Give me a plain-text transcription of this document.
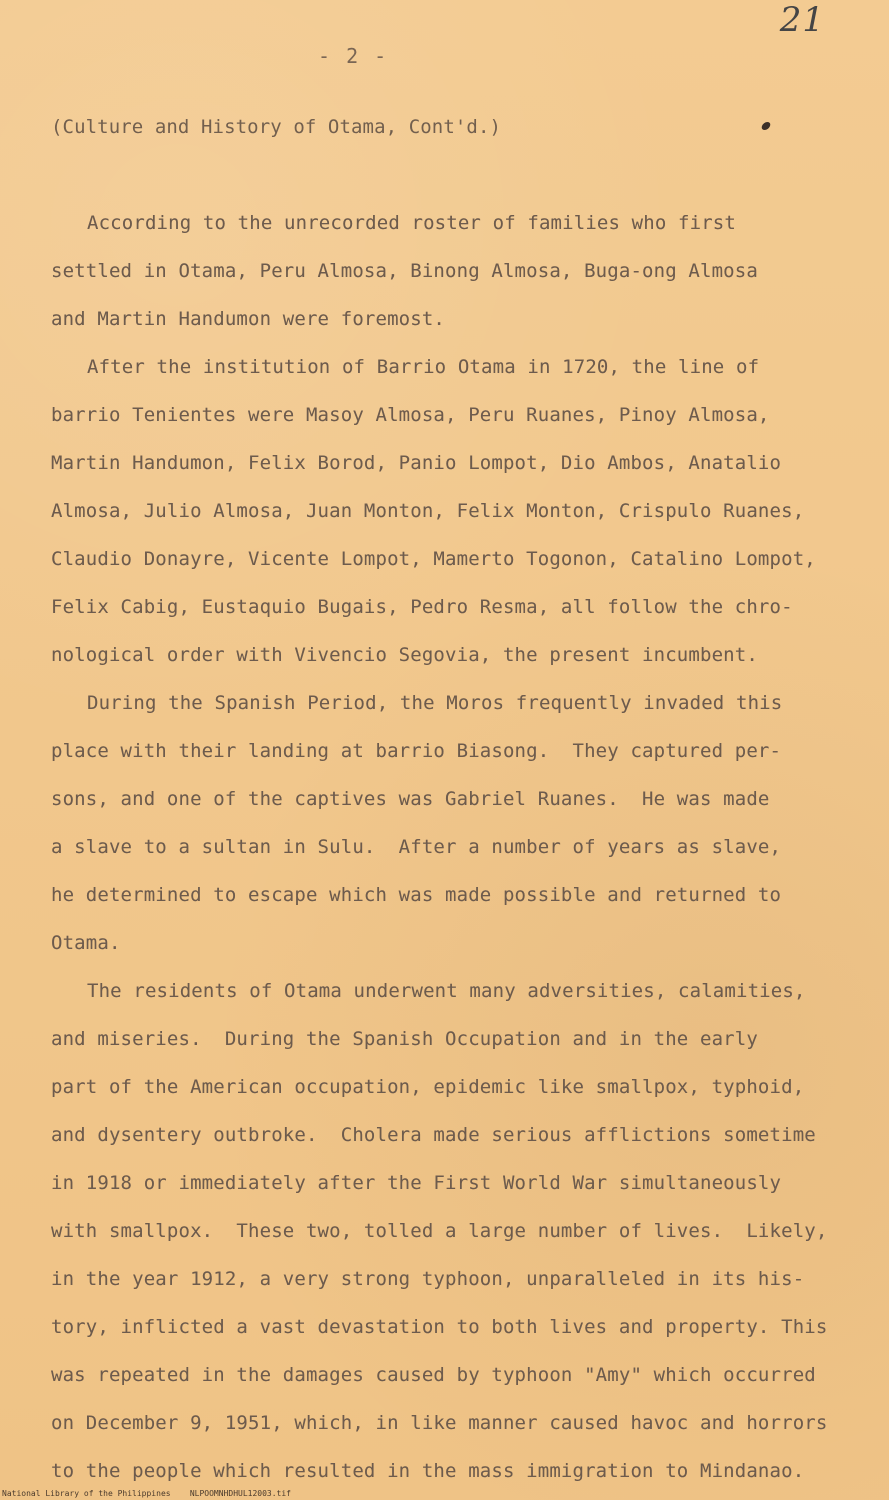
21
- 2 -
(Culture and History of Otama, Cont'd.)
According to the unrecorded roster of families who first
settled in Otama, Peru Almosa, Binong Almosa, Buga-ong Almosa
and Martin Handumon were foremost.
After the institution of Barrio Otama in 1720, the line of
barrio Tenientes were Masoy Almosa, Peru Ruanes, Pinoy Almosa,
Martin Handumon, Felix Borod, Panio Lompot, Dio Ambos, Anatalio
Almosa, Julio Almosa, Juan Monton, Felix Monton, Crispulo Ruanes,
Claudio Donayre, Vicente Lompot, Mamerto Togonon, Catalino Lompot,
Felix Cabig, Eustaquio Bugais, Pedro Resma, all follow the chro-
nological order with Vivencio Segovia, the present incumbent.
During the Spanish Period, the Moros frequently invaded this
place with their landing at barrio Biasong.  They captured per-
sons, and one of the captives was Gabriel Ruanes.  He was made
a slave to a sultan in Sulu.  After a number of years as slave,
he determined to escape which was made possible and returned to
Otama.
The residents of Otama underwent many adversities, calamities,
and miseries.  During the Spanish Occupation and in the early
part of the American occupation, epidemic like smallpox, typhoid,
and dysentery outbroke.  Cholera made serious afflictions sometime
in 1918 or immediately after the First World War simultaneously
with smallpox.  These two, tolled a large number of lives.  Likely,
in the year 1912, a very strong typhoon, unparalleled in its his-
tory, inflicted a vast devastation to both lives and property. This
was repeated in the damages caused by typhoon "Amy" which occurred
on December 9, 1951, which, in like manner caused havoc and horrors
to the people which resulted in the mass immigration to Mindanao.
National Library of the Philippines    NLPOOMNHDHUL12003.tif
